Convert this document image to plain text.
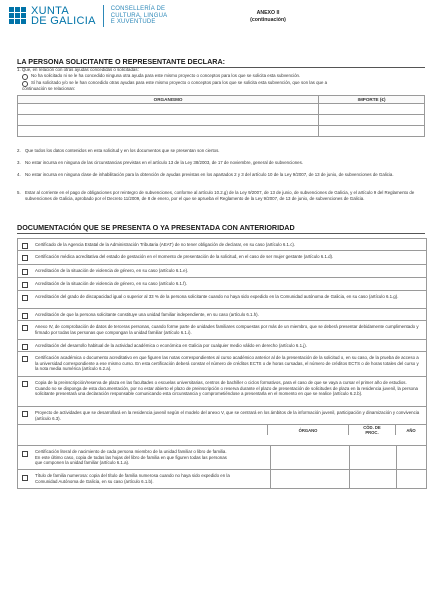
XUNTA
DE GALICIA
CONSELLERÍA DE
CULTURA, LINGUA
E XUVENTUDE
ANEXO II
(continuación)
LA PERSONA SOLICITANTE O REPRESENTANTE DECLARA:
1. Que, en relación con otras ayudas concedidas o solicitadas:
No ha solicitado ni se le ha concedido ninguna otra ayuda para este mismo proyecto o conceptos para los que se solicita esta subvención.
Sí ha solicitado y/o se le han concedido otras ayudas para este mismo proyecto o conceptos para los que se solicita esta subvención, que son las que a
continuación se relacionan:
ORGANISMO	IMPORTE (€)

2. Que todos los datos contenidos en esta solicitud y en los documentos que se presentan son ciertos.
3. No estar incursa en ninguna de las circunstancias previstas en el artículo 13 de la Ley 38/2003, de 17 de noviembre, general de subvenciones.
4. No estar incursa en ninguna clase de inhabilitación para la obtención de ayudas previstas en los apartados 2 y 3 del artículo 10 de la Ley 9/2007, de 13 de junio, de subvenciones de Galicia.
5. Estar al corriente en el pago de obligaciones por reintegro de subvenciones, conforme al artículo 10.2.g) de la Ley 9/2007, de 13 de junio, de subvenciones de Galicia, y el artículo 9 del Reglamento de subvenciones de Galicia, aprobado por el Decreto 11/2009, de 8 de enero, por el que se aprueba el Reglamento de la Ley 9/2007, de 13 de junio, de subvenciones de Galicia.
DOCUMENTACIÓN QUE SE PRESENTA O YA PRESENTADA CON ANTERIORIDAD
Certificado de la Agencia Estatal de la Administración Tributaria (AEAT) de no tener obligación de declarar, en su caso (artículo 6.1.c).
Certificación médica acreditativa del estado de gestación en el momento de presentación de la solicitud, en el caso de ser mujer gestante (artículo 6.1.d).
Acreditación de la situación de violencia de género, en su caso (artículo 6.1.e).
Acreditación de la situación de violencia de género, en su caso (artículo 6.1.f).
Acreditación del grado de discapacidad igual o superior al 33 % de la persona solicitante cuando no haya sido expedido en la Comunidad autónoma de Galicia, en su caso (artículo 6.1.g).
Acreditación de que la persona solicitante constituye una unidad familiar independiente, en su caso (artículo 6.1.h).
Anexo IV, de comprobación de datos de terceras personas, cuando forme parte de unidades familiares compuestas por más de un miembro, que se deberá presentar debidamente cumplimentado y firmado por todas las personas que compongan la unidad familiar (artículo 6.1.i).
Acreditación del desarrollo habitual de la actividad académica o económica en Galicia por cualquier medio válido en derecho (artículo 6.1.j).
Certificación académica o documento acreditativo en que figuren las notas correspondientes al curso académico anterior al de la presentación de la solicitud o, en su caso, de la prueba de acceso a la universidad correspondiente a ese mismo curso. En esta certificación deberá constar el número de créditos ECTS o de horas cursadas, el número de créditos ECTS o de horas totales del curso y la nota media numérica (artículo 6.2.a).
Copia de la preinscripción/reserva de plaza en las facultades o escuelas universitarias, centros de bachiller o ciclos formativos, para el caso de que se vaya a cursar el primer año de estudios. Cuando no se disponga de esta documentación, por no estar abierto el plazo de preinscripción o reserva durante el plazo de presentación de solicitudes de plaza en la residencia juvenil, la persona solicitante presentará una declaración responsable comunicando esta circunstancia y comprometiéndose a presentarla en el momento en que se realice (artículo 6.2.b).
Proyecto de actividades que se desarrollará en la residencia juvenil según el modelo del anexo V, que se centrará en los ámbitos de la información juvenil, participación y dinamización y convivencia (artículo 6.3).
	ÓRGANO	CÓD. DE
PROC.	AÑO
Certificación literal de nacimiento de cada persona miembro de la unidad familiar o libro de familia.
En este último caso, copia de todas las hojas del libro de familia en que figuren todas las personas
que componen la unidad familiar (artículo 6.1.a).
Título de familia numerosa: copia del título de familia numerosa cuando no haya sido expedido en la
Comunidad Autónoma de Galicia, en su caso (artículo 6.1.b).
